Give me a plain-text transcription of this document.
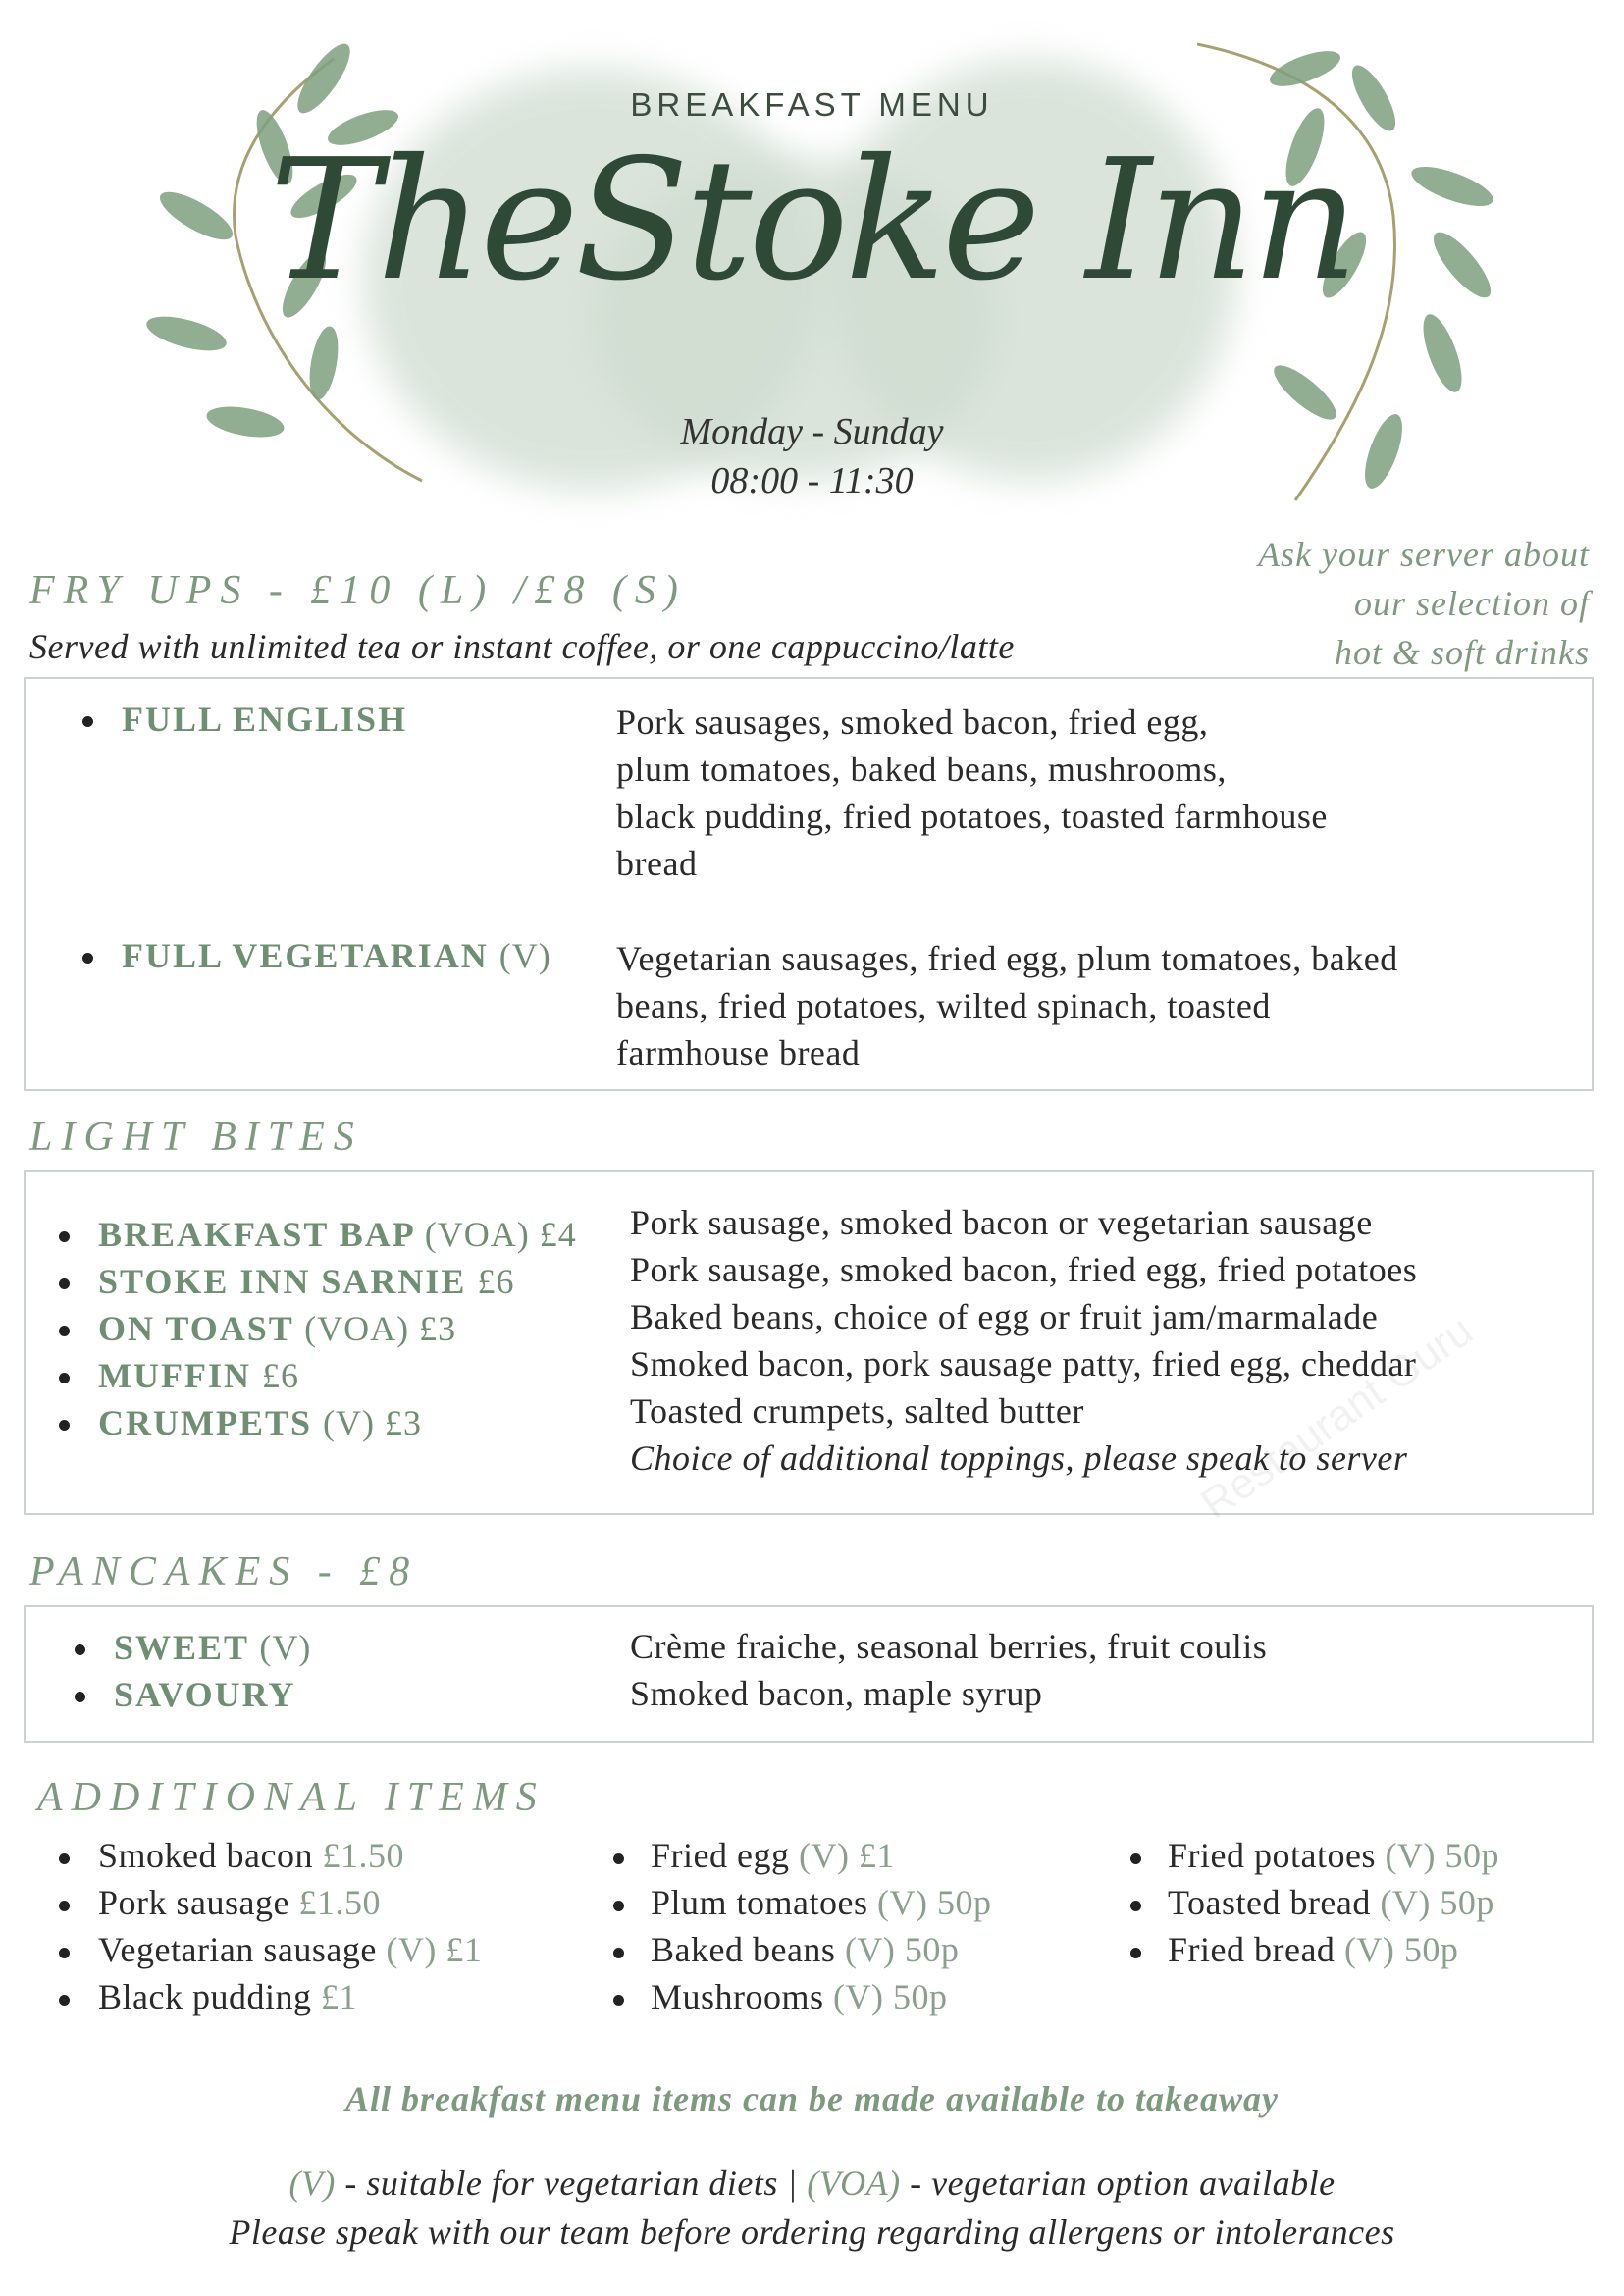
BREAKFAST MENU
TheStoke Inn
Monday - Sunday
08:00 - 11:30
Ask your server about
our selection of
hot & soft drinks
FRY UPS - £10 (L) /£8 (S)
Served with unlimited tea or instant coffee, or one cappuccino/latte
FULL ENGLISH	Pork sausages, smoked bacon, fried egg,
plum tomatoes, baked beans, mushrooms,
black pudding, fried potatoes, toasted farmhouse
bread
FULL VEGETARIAN (V) Vegetarian sausages, fried egg, plum tomatoes, baked
beans, fried potatoes, wilted spinach, toasted
farmhouse bread
LIGHT BITES
BREAKFAST BAP (VOA) £4
STOKE INN SARNIE £6
ON TOAST (VOA) £3
MUFFIN £6
CRUMPETS (V) £3
Pork sausage, smoked bacon or vegetarian sausage
Pork sausage, smoked bacon, fried egg, fried potatoes
Baked beans, choice of egg or fruit jam/marmalade
Smoked bacon, pork sausage patty, fried egg, cheddar
Toasted crumpets, salted butter
Choice of additional toppings, please speak to server
PANCAKES - £8
SWEET (V)
SAVOURY
Crème fraiche, seasonal berries, fruit coulis
Smoked bacon, maple syrup
ADDITIONAL ITEMS
Smoked bacon £1.50
Pork sausage £1.50
Vegetarian sausage (V) £1
Black pudding £1
Fried egg (V) £1
Plum tomatoes (V) 50p
Baked beans (V) 50p
Mushrooms (V) 50p
Fried potatoes (V) 50p
Toasted bread (V) 50p
Fried bread (V) 50p
All breakfast menu items can be made available to takeaway
(V) - suitable for vegetarian diets | (VOA) - vegetarian option available
Please speak with our team before ordering regarding allergens or intolerances
Restaurant Guru
